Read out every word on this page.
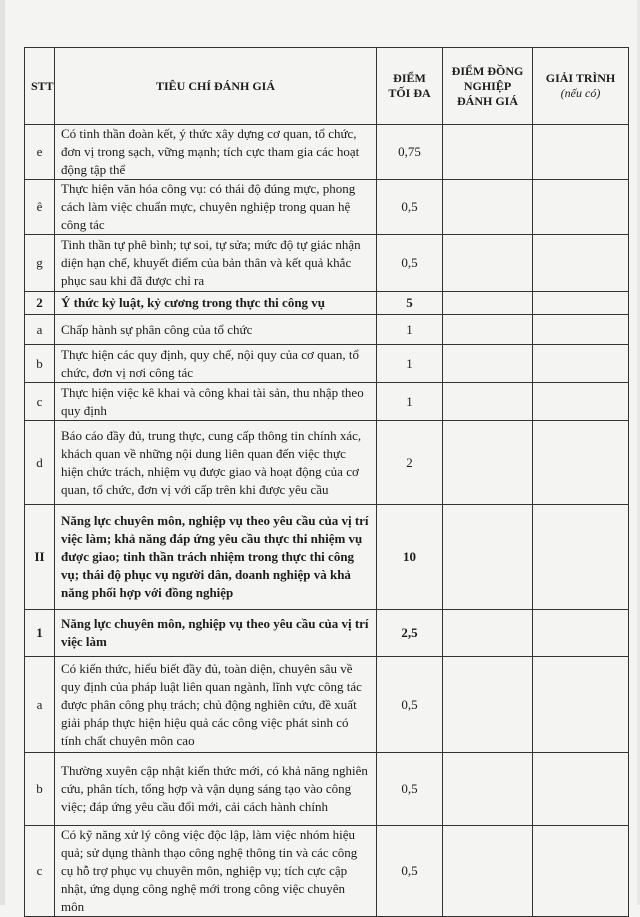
STT	TIÊU CHÍ ĐÁNH GIÁ	ĐIỂM TỐI ĐA	ĐIỂM ĐỒNG NGHIỆP ĐÁNH GIÁ	GIẢI TRÌNH
(nếu có)

e	Có tinh thần đoàn kết, ý thức xây dựng cơ quan, tổ chức, đơn vị trong sạch, vững mạnh; tích cực tham gia các hoạt động tập thể	0,75		
ê	Thực hiện văn hóa công vụ: có thái độ đúng mực, phong cách làm việc chuẩn mực, chuyên nghiệp trong quan hệ công tác	0,5		
g	Tinh thần tự phê bình; tự soi, tự sửa; mức độ tự giác nhận diện hạn chế, khuyết điểm của bản thân và kết quả khắc phục sau khi đã được chỉ ra	0,5		
2	Ý thức kỷ luật, kỷ cương trong thực thi công vụ	5		
a	Chấp hành sự phân công của tổ chức	1		
b	Thực hiện các quy định, quy chế, nội quy của cơ quan, tổ chức, đơn vị nơi công tác	1		
c	Thực hiện việc kê khai và công khai tài sản, thu nhập theo quy định	1		
d	Báo cáo đầy đủ, trung thực, cung cấp thông tin chính xác, khách quan về những nội dung liên quan đến việc thực hiện chức trách, nhiệm vụ được giao và hoạt động của cơ quan, tổ chức, đơn vị với cấp trên khi được yêu cầu	2		
II	Năng lực chuyên môn, nghiệp vụ theo yêu cầu của vị trí việc làm; khả năng đáp ứng yêu cầu thực thi nhiệm vụ được giao; tinh thần trách nhiệm trong thực thi công vụ; thái độ phục vụ người dân, doanh nghiệp và khả năng phối hợp với đồng nghiệp	10		
1	Năng lực chuyên môn, nghiệp vụ theo yêu cầu của vị trí việc làm	2,5		
a	Có kiến thức, hiểu biết đầy đủ, toàn diện, chuyên sâu về quy định của pháp luật liên quan ngành, lĩnh vực công tác được phân công phụ trách; chủ động nghiên cứu, đề xuất giải pháp thực hiện hiệu quả các công việc phát sinh có tính chất chuyên môn cao	0,5		
b	Thường xuyên cập nhật kiến thức mới, có khả năng nghiên cứu, phân tích, tổng hợp và vận dụng sáng tạo vào công việc; đáp ứng yêu cầu đổi mới, cải cách hành chính	0,5		
c	Có kỹ năng xử lý công việc độc lập, làm việc nhóm hiệu quả; sử dụng thành thạo công nghệ thông tin và các công cụ hỗ trợ phục vụ chuyên môn, nghiệp vụ; tích cực cập nhật, ứng dụng công nghệ mới trong công việc chuyên môn	0,5		
